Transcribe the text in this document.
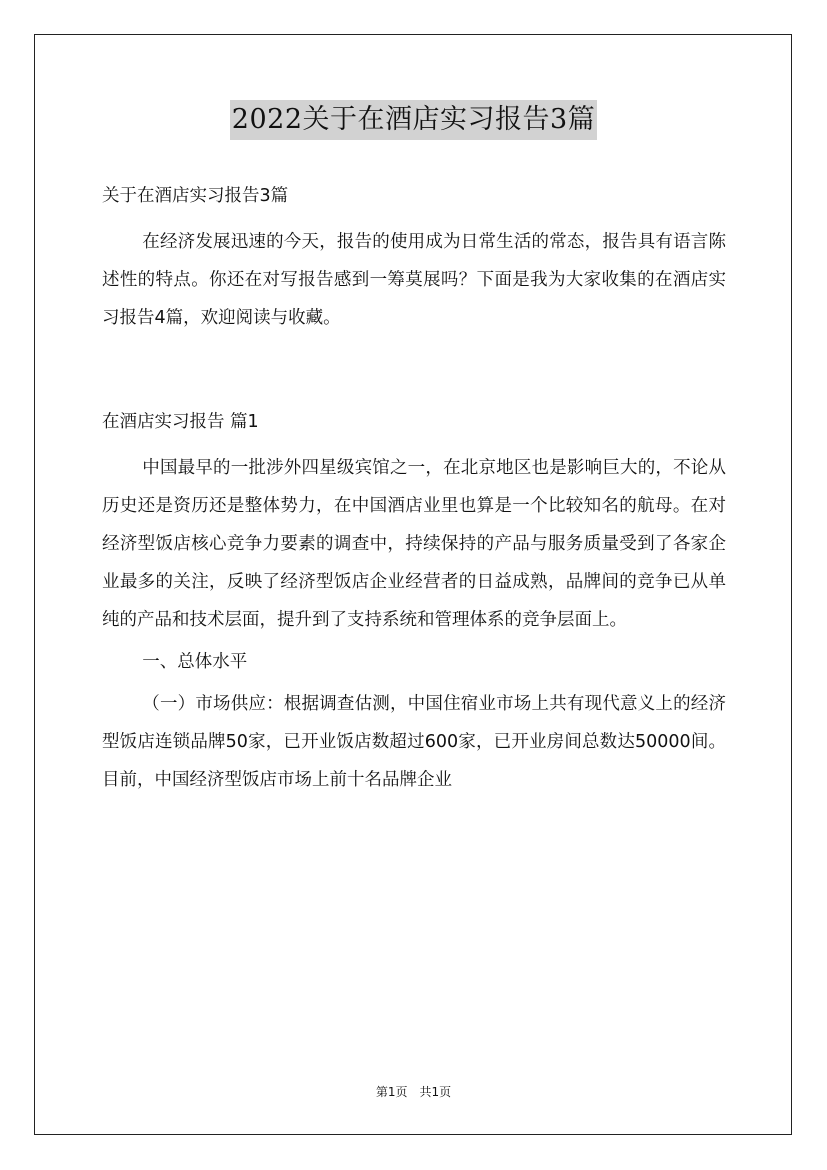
2022关于在酒店实习报告3篇

关于在酒店实习报告3篇

在经济发展迅速的今天，报告的使用成为日常生活的常态，报告具有语言陈述性的特点。你还在对写报告感到一筹莫展吗？下面是我为大家收集的在酒店实习报告4篇，欢迎阅读与收藏。

在酒店实习报告 篇1

中国最早的一批涉外四星级宾馆之一，在北京地区也是影响巨大的，不论从历史还是资历还是整体势力，在中国酒店业里也算是一个比较知名的航母。在对经济型饭店核心竞争力要素的调查中，持续保持的产品与服务质量受到了各家企业最多的关注，反映了经济型饭店企业经营者的日益成熟，品牌间的竞争已从单纯的产品和技术层面，提升到了支持系统和管理体系的竞争层面上。

一、总体水平

（一）市场供应：根据调查估测，中国住宿业市场上共有现代意义上的经济型饭店连锁品牌50家，已开业饭店数超过600家，已开业房间总数达50000间。目前，中国经济型饭店市场上前十名品牌企业

第1页　共1页
